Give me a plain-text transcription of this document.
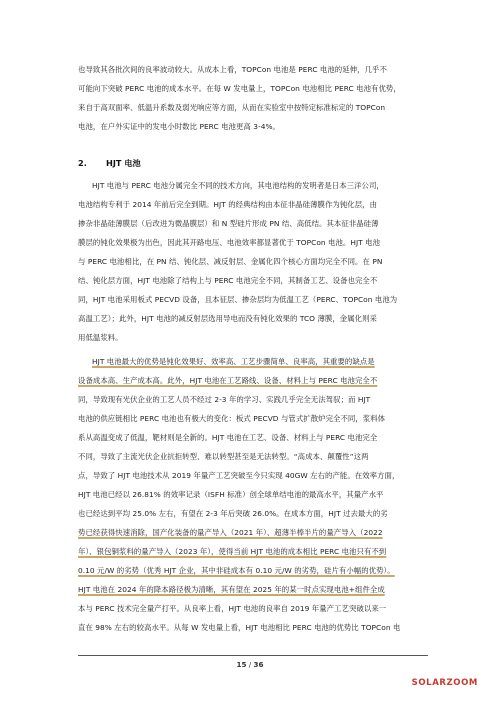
也导致其各批次间的良率波动较大。从成本上看，TOPCon 电池是 PERC 电池的延伸，几乎不
可能向下突破 PERC 电池的成本水平。在每 W 发电量上，TOPCon 电池相比 PERC 电池有优势，
来自于高双面率、低温升系数及弱光响应等方面，从而在实验室中按特定标准标定的 TOPCon
电池，在户外实证中的发电小时数比 PERC 电池更高 3-4%。
2. HJT 电池
HJT 电池与 PERC 电池分属完全不同的技术方向，其电池结构的发明者是日本三洋公司，
电池结构专利于 2014 年前后完全到期。HJT 的经典结构由本征非晶硅薄膜作为钝化层，由
掺杂非晶硅薄膜层（后改进为微晶膜层）和 N 型硅片形成 PN 结、高低结。其本征非晶硅薄
膜层的钝化效果极为出色，因此其开路电压、电池效率都显著优于 TOPCon 电池。HJT 电池
与 PERC 电池相比，在 PN 结、钝化层、减反射层、金属化四个核心方面均完全不同。在 PN
结、钝化层方面，HJT 电池除了结构上与 PERC 电池完全不同，其制备工艺、设备也完全不
同，HJT 电池采用板式 PECVD 设备，且本征层、掺杂层均为低温工艺（PERC、TOPCon 电池为
高温工艺）；此外，HJT 电池的减反射层选用导电而没有钝化效果的 TCO 薄膜，金属化则采
用低温浆料。
HJT 电池最大的优势是钝化效果好、效率高、工艺步骤简单、良率高，其重要的缺点是
设备成本高、生产成本高。此外，HJT 电池在工艺路线、设备、材料上与 PERC 电池完全不
同，导致现有光伏企业的工艺人员不经过 2-3 年的学习、实践几乎完全无法驾驭；而 HJT
电池的供应链相比 PERC 电池也有极大的变化：板式 PECVD 与管式扩散炉完全不同，浆料体
系从高温变成了低温，靶材则是全新的。HJT 电池在工艺、设备、材料上与 PERC 电池完全
不同，导致了主流光伏企业抗拒转型、难以转型甚至是无法转型。“高成本、颠覆性”这两
点，导致了 HJT 电池技术从 2019 年量产工艺突破至今只实现 40GW 左右的产能。在效率方面，
HJT 电池已经以 26.81% 的效率记录（ISFH 标准）创全球单结电池的最高水平，其量产水平
也已经达到平均 25.0% 左右，有望在 2-3 年后突破 26.0%。在成本方面，HJT 过去最大的劣
势已经获得快速消除，国产化装备的量产导入（2021 年）、超薄半棒半片的量产导入（2022
年）、银包铜浆料的量产导入（2023 年），使得当前 HJT 电池的成本相比 PERC 电池只有不到
0.10 元/W 的劣势（优秀 HJT 企业，其中非硅成本有 0.10 元/W 的劣势，硅片有小幅的优势）。
HJT 电池在 2024 年的降本路径极为清晰，其有望在 2025 年的某一时点实现电池+组件全成
本与 PERC 技术完全量产打平。从良率上看，HJT 电池的良率自 2019 年量产工艺突破以来一
直在 98% 左右的较高水平。从每 W 发电量上看，HJT 电池相比 PERC 电池的优势比 TOPCon 电
15 / 36
SOLARZOOM
